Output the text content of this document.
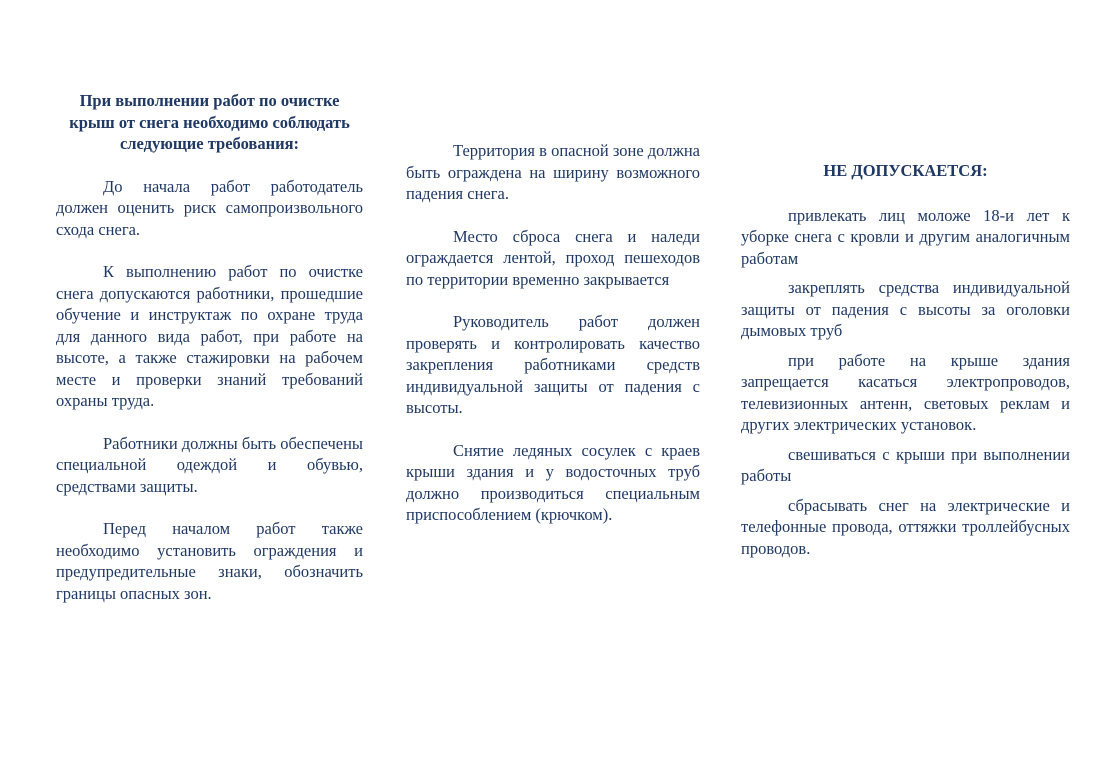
При выполнении работ по очистке крыш от снега необходимо соблюдать следующие требования:

До начала работ работодатель должен оценить риск самопроизвольного схода снега.

К выполнению работ по очистке снега допускаются работники, прошедшие обучение и инструктаж по охране труда для данного вида работ, при работе на высоте, а также стажировки на рабочем месте и проверки знаний требований охраны труда.

Работники должны быть обеспечены специальной одеждой и обувью, средствами защиты.

Перед началом работ также необходимо установить ограждения и предупредительные знаки, обозначить границы опасных зон.

Территория в опасной зоне должна быть ограждена на ширину возможного падения снега.

Место сброса снега и наледи ограждается лентой, проход пешеходов по территории временно закрывается

Руководитель работ должен проверять и контролировать качество закрепления работниками средств индивидуальной защиты от падения с высоты.

Снятие ледяных сосулек с краев крыши здания и у водосточных труб должно производиться специальным приспособлением (крючком).

НЕ ДОПУСКАЕТСЯ:

привлекать лиц моложе 18-и лет к уборке снега с кровли и другим аналогичным работам

закреплять средства индивидуальной защиты от падения с высоты за оголовки дымовых труб

при работе на крыше здания запрещается касаться электропроводов, телевизионных антенн, световых реклам и других электрических установок.

свешиваться с крыши при выполнении работы

сбрасывать снег на электрические и телефонные провода, оттяжки троллейбусных проводов.
